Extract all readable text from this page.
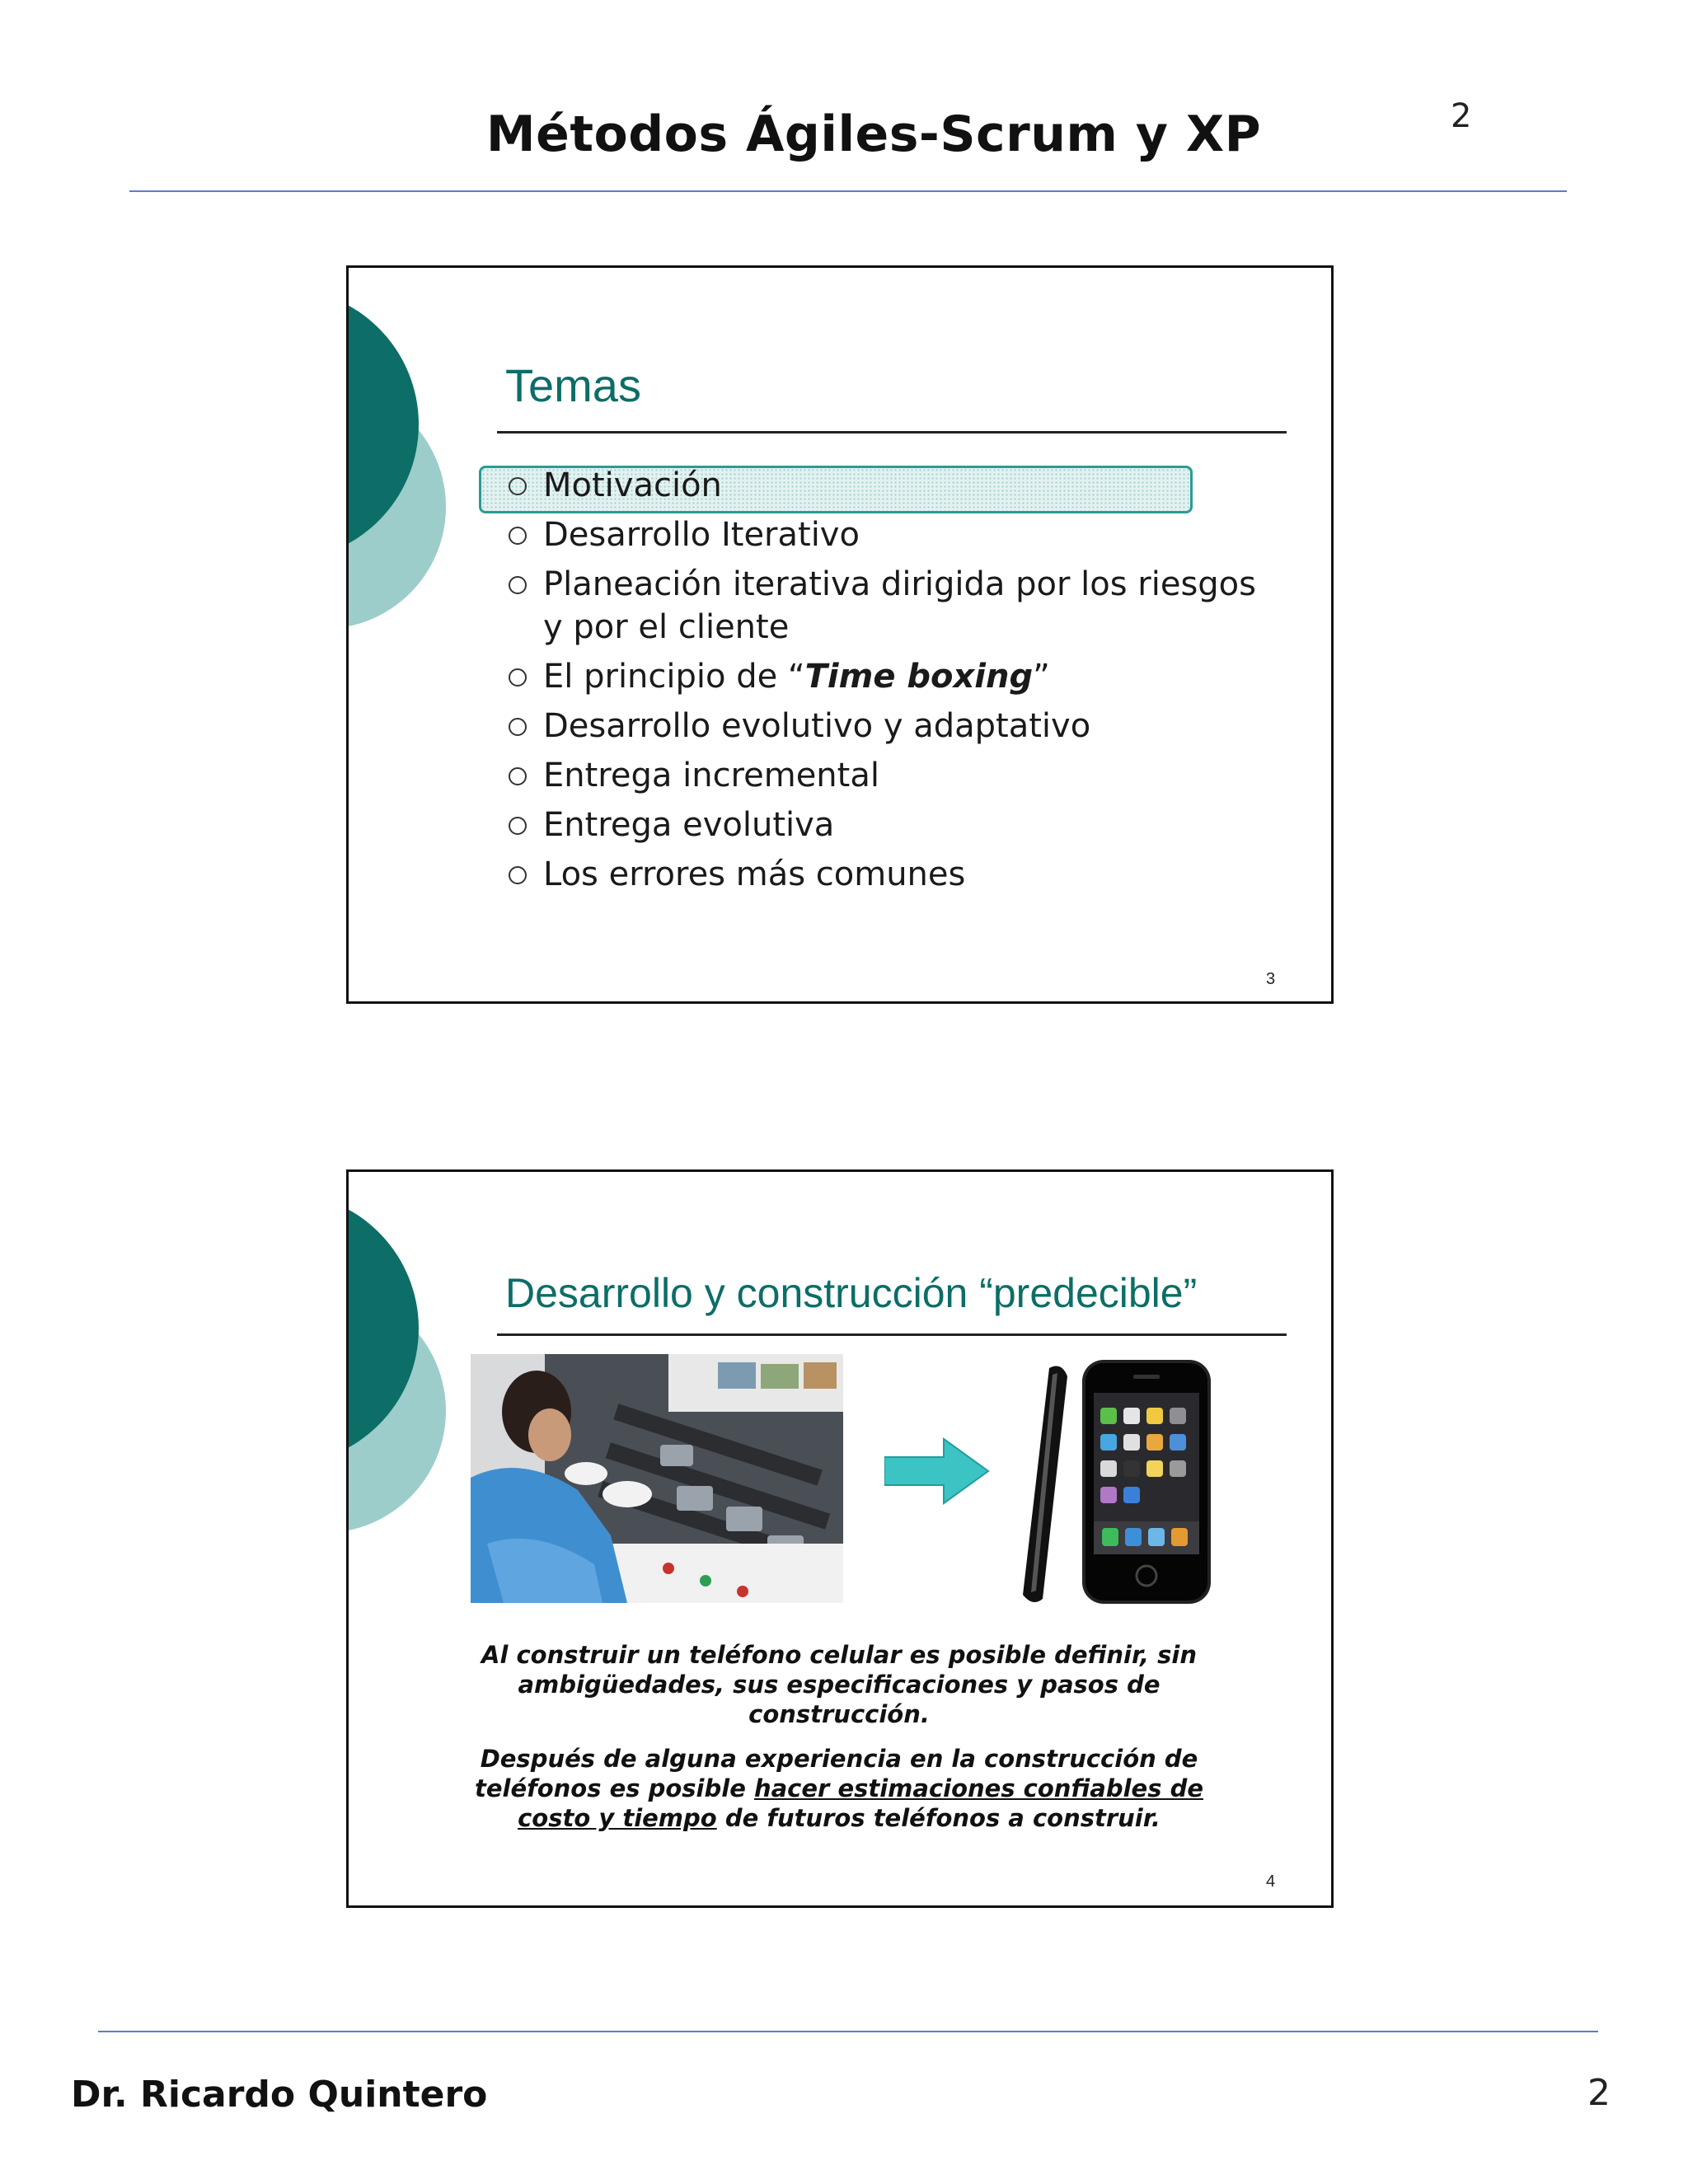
Métodos Ágiles-Scrum y XP	2
Temas
Motivación
Desarrollo Iterativo
Planeación iterativa dirigida por los riesgos y por el cliente
El principio de “Time boxing”
Desarrollo evolutivo y adaptativo
Entrega incremental
Entrega evolutiva
Los errores más comunes
3
Desarrollo y construcción “predecible”
Al construir un teléfono celular es posible definir, sin ambigüedades, sus especificaciones y pasos de construcción.
Después de alguna experiencia en la construcción de teléfonos es posible hacer estimaciones confiables de costo y tiempo de futuros teléfonos a construir.
4
Dr. Ricardo Quintero	2
